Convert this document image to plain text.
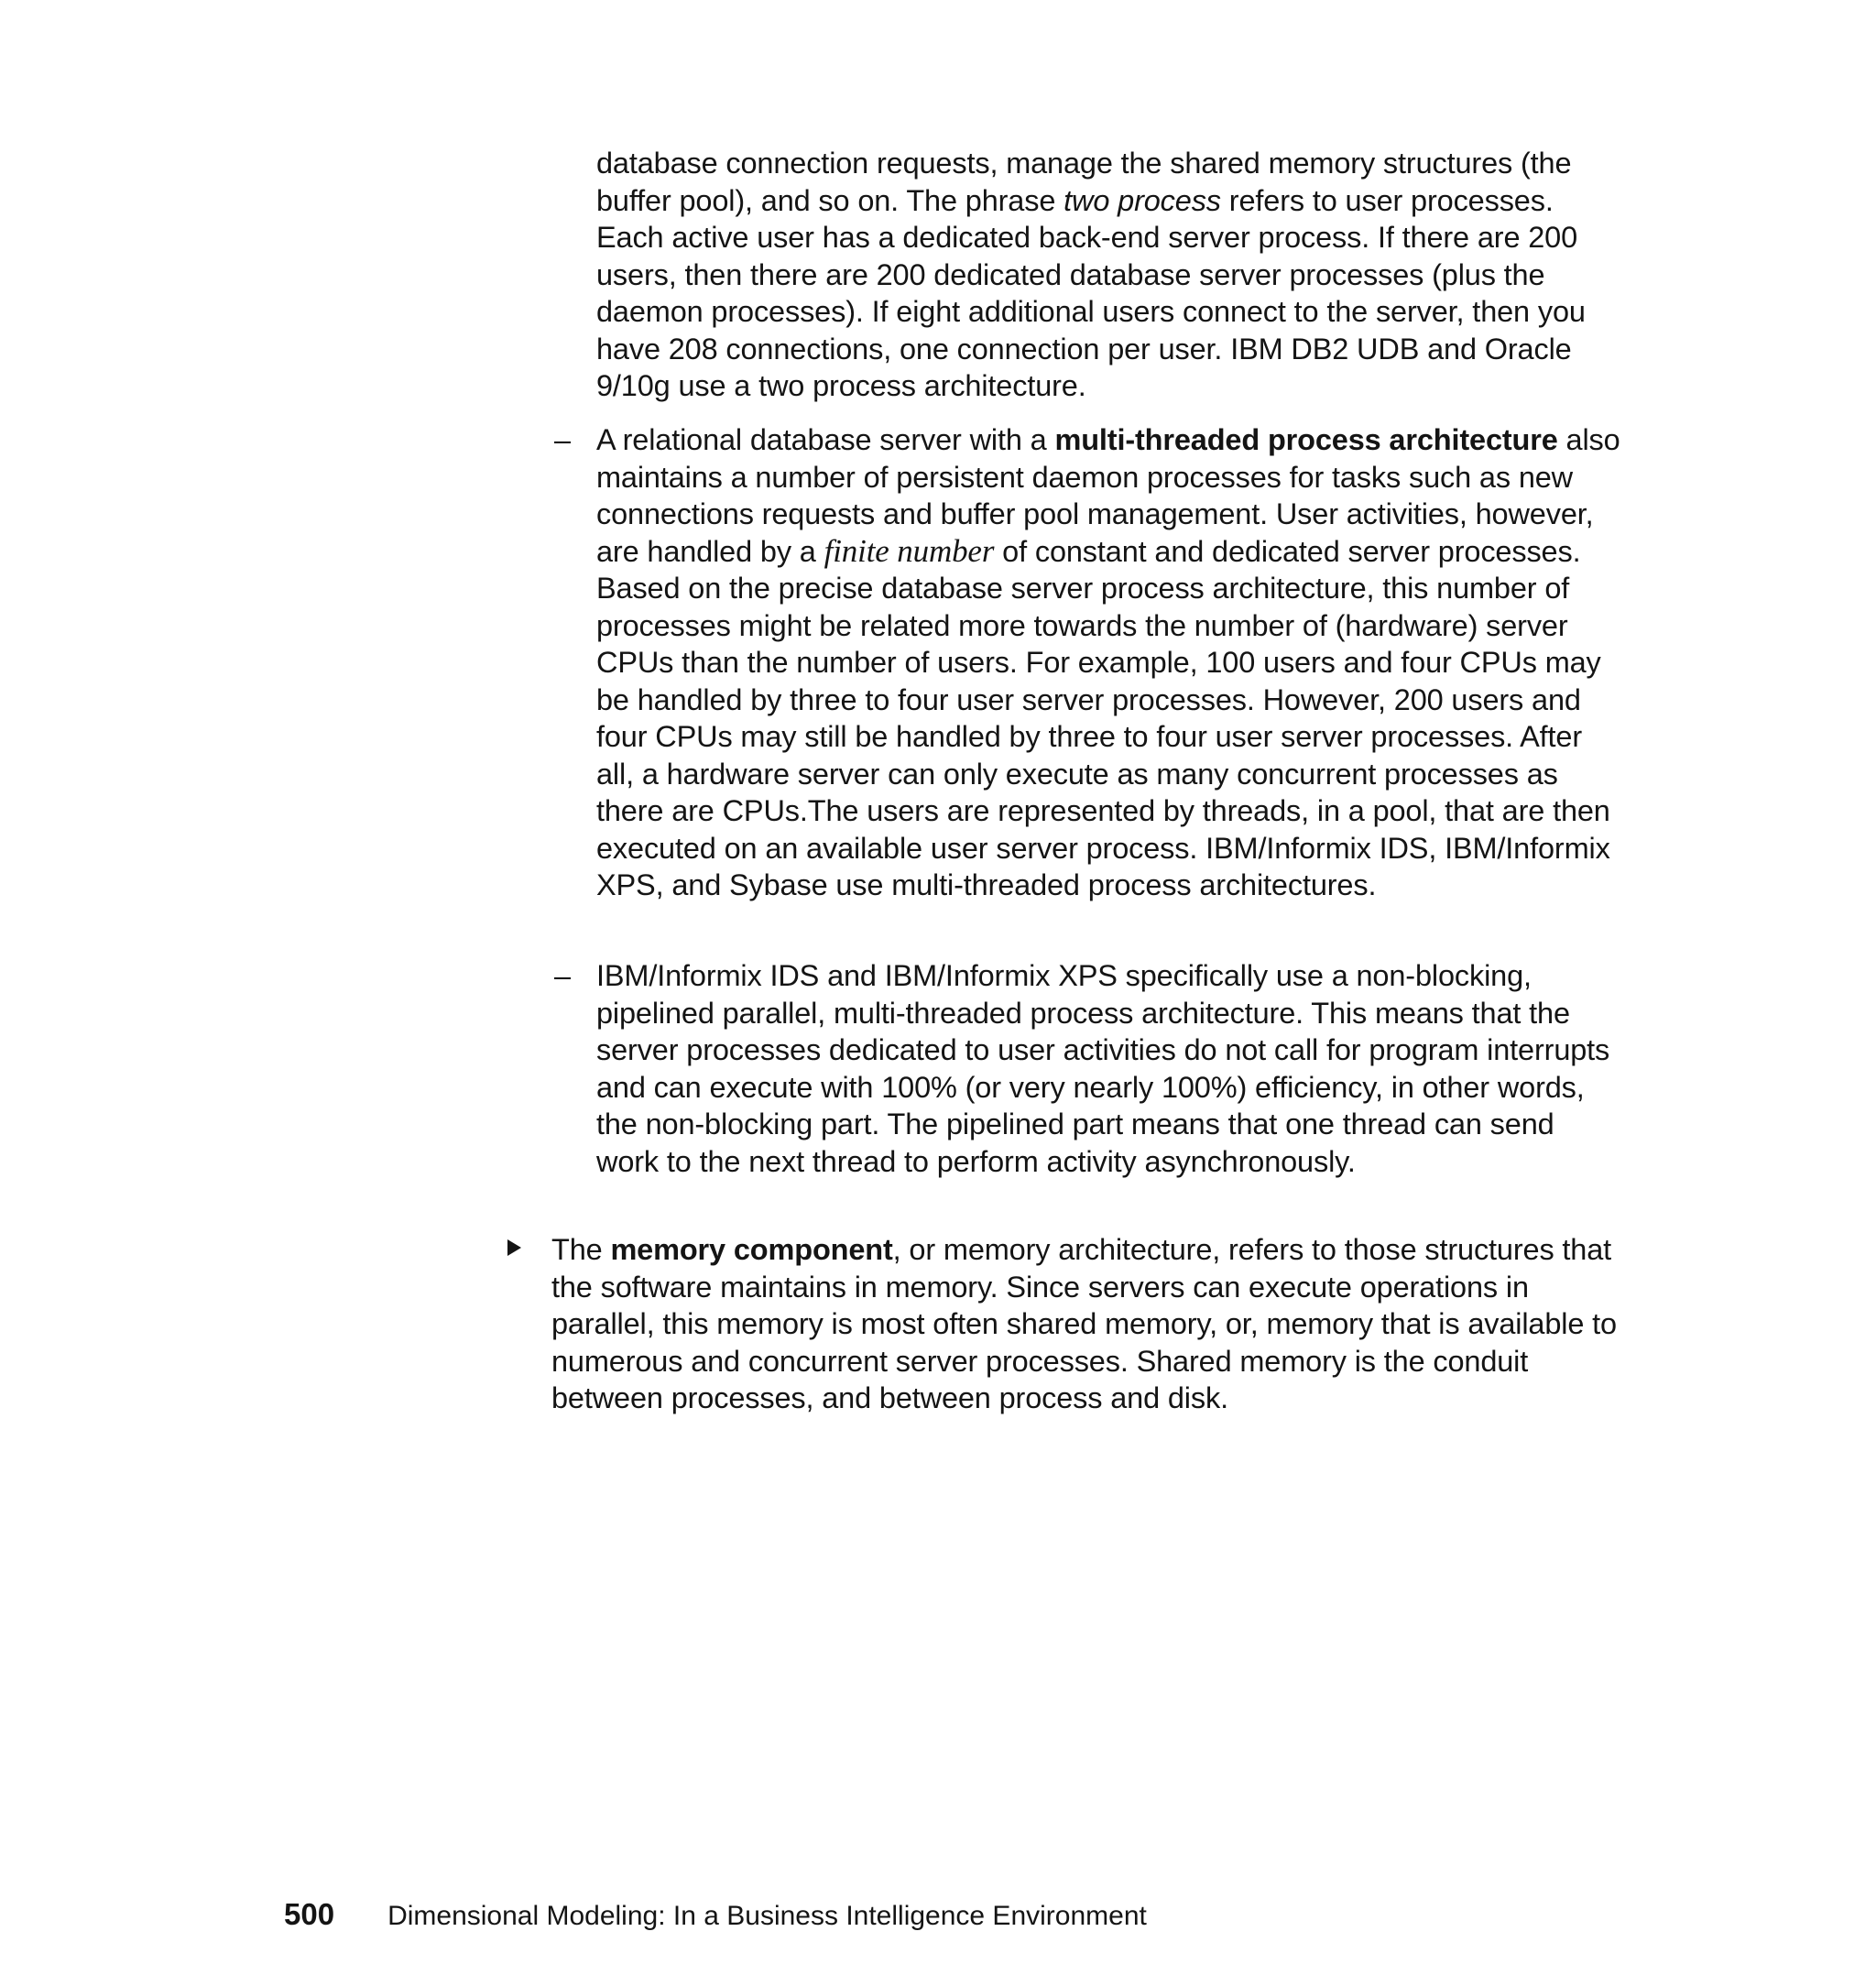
database connection requests, manage the shared memory structures (the buffer pool), and so on. The phrase two process refers to user processes. Each active user has a dedicated back-end server process. If there are 200 users, then there are 200 dedicated database server processes (plus the daemon processes). If eight additional users connect to the server, then you have 208 connections, one connection per user. IBM DB2 UDB and Oracle 9/10g use a two process architecture.

– A relational database server with a multi-threaded process architecture also maintains a number of persistent daemon processes for tasks such as new connections requests and buffer pool management. User activities, however, are handled by a finite number of constant and dedicated server processes. Based on the precise database server process architecture, this number of processes might be related more towards the number of (hardware) server CPUs than the number of users. For example, 100 users and four CPUs may be handled by three to four user server processes. However, 200 users and four CPUs may still be handled by three to four user server processes. After all, a hardware server can only execute as many concurrent processes as there are CPUs.The users are represented by threads, in a pool, that are then executed on an available user server process. IBM/Informix IDS, IBM/Informix XPS, and Sybase use multi-threaded process architectures.

– IBM/Informix IDS and IBM/Informix XPS specifically use a non-blocking, pipelined parallel, multi-threaded process architecture. This means that the server processes dedicated to user activities do not call for program interrupts and can execute with 100% (or very nearly 100%) efficiency, in other words, the non-blocking part. The pipelined part means that one thread can send work to the next thread to perform activity asynchronously.

The memory component, or memory architecture, refers to those structures that the software maintains in memory. Since servers can execute operations in parallel, this memory is most often shared memory, or, memory that is available to numerous and concurrent server processes. Shared memory is the conduit between processes, and between process and disk.

500 Dimensional Modeling: In a Business Intelligence Environment
